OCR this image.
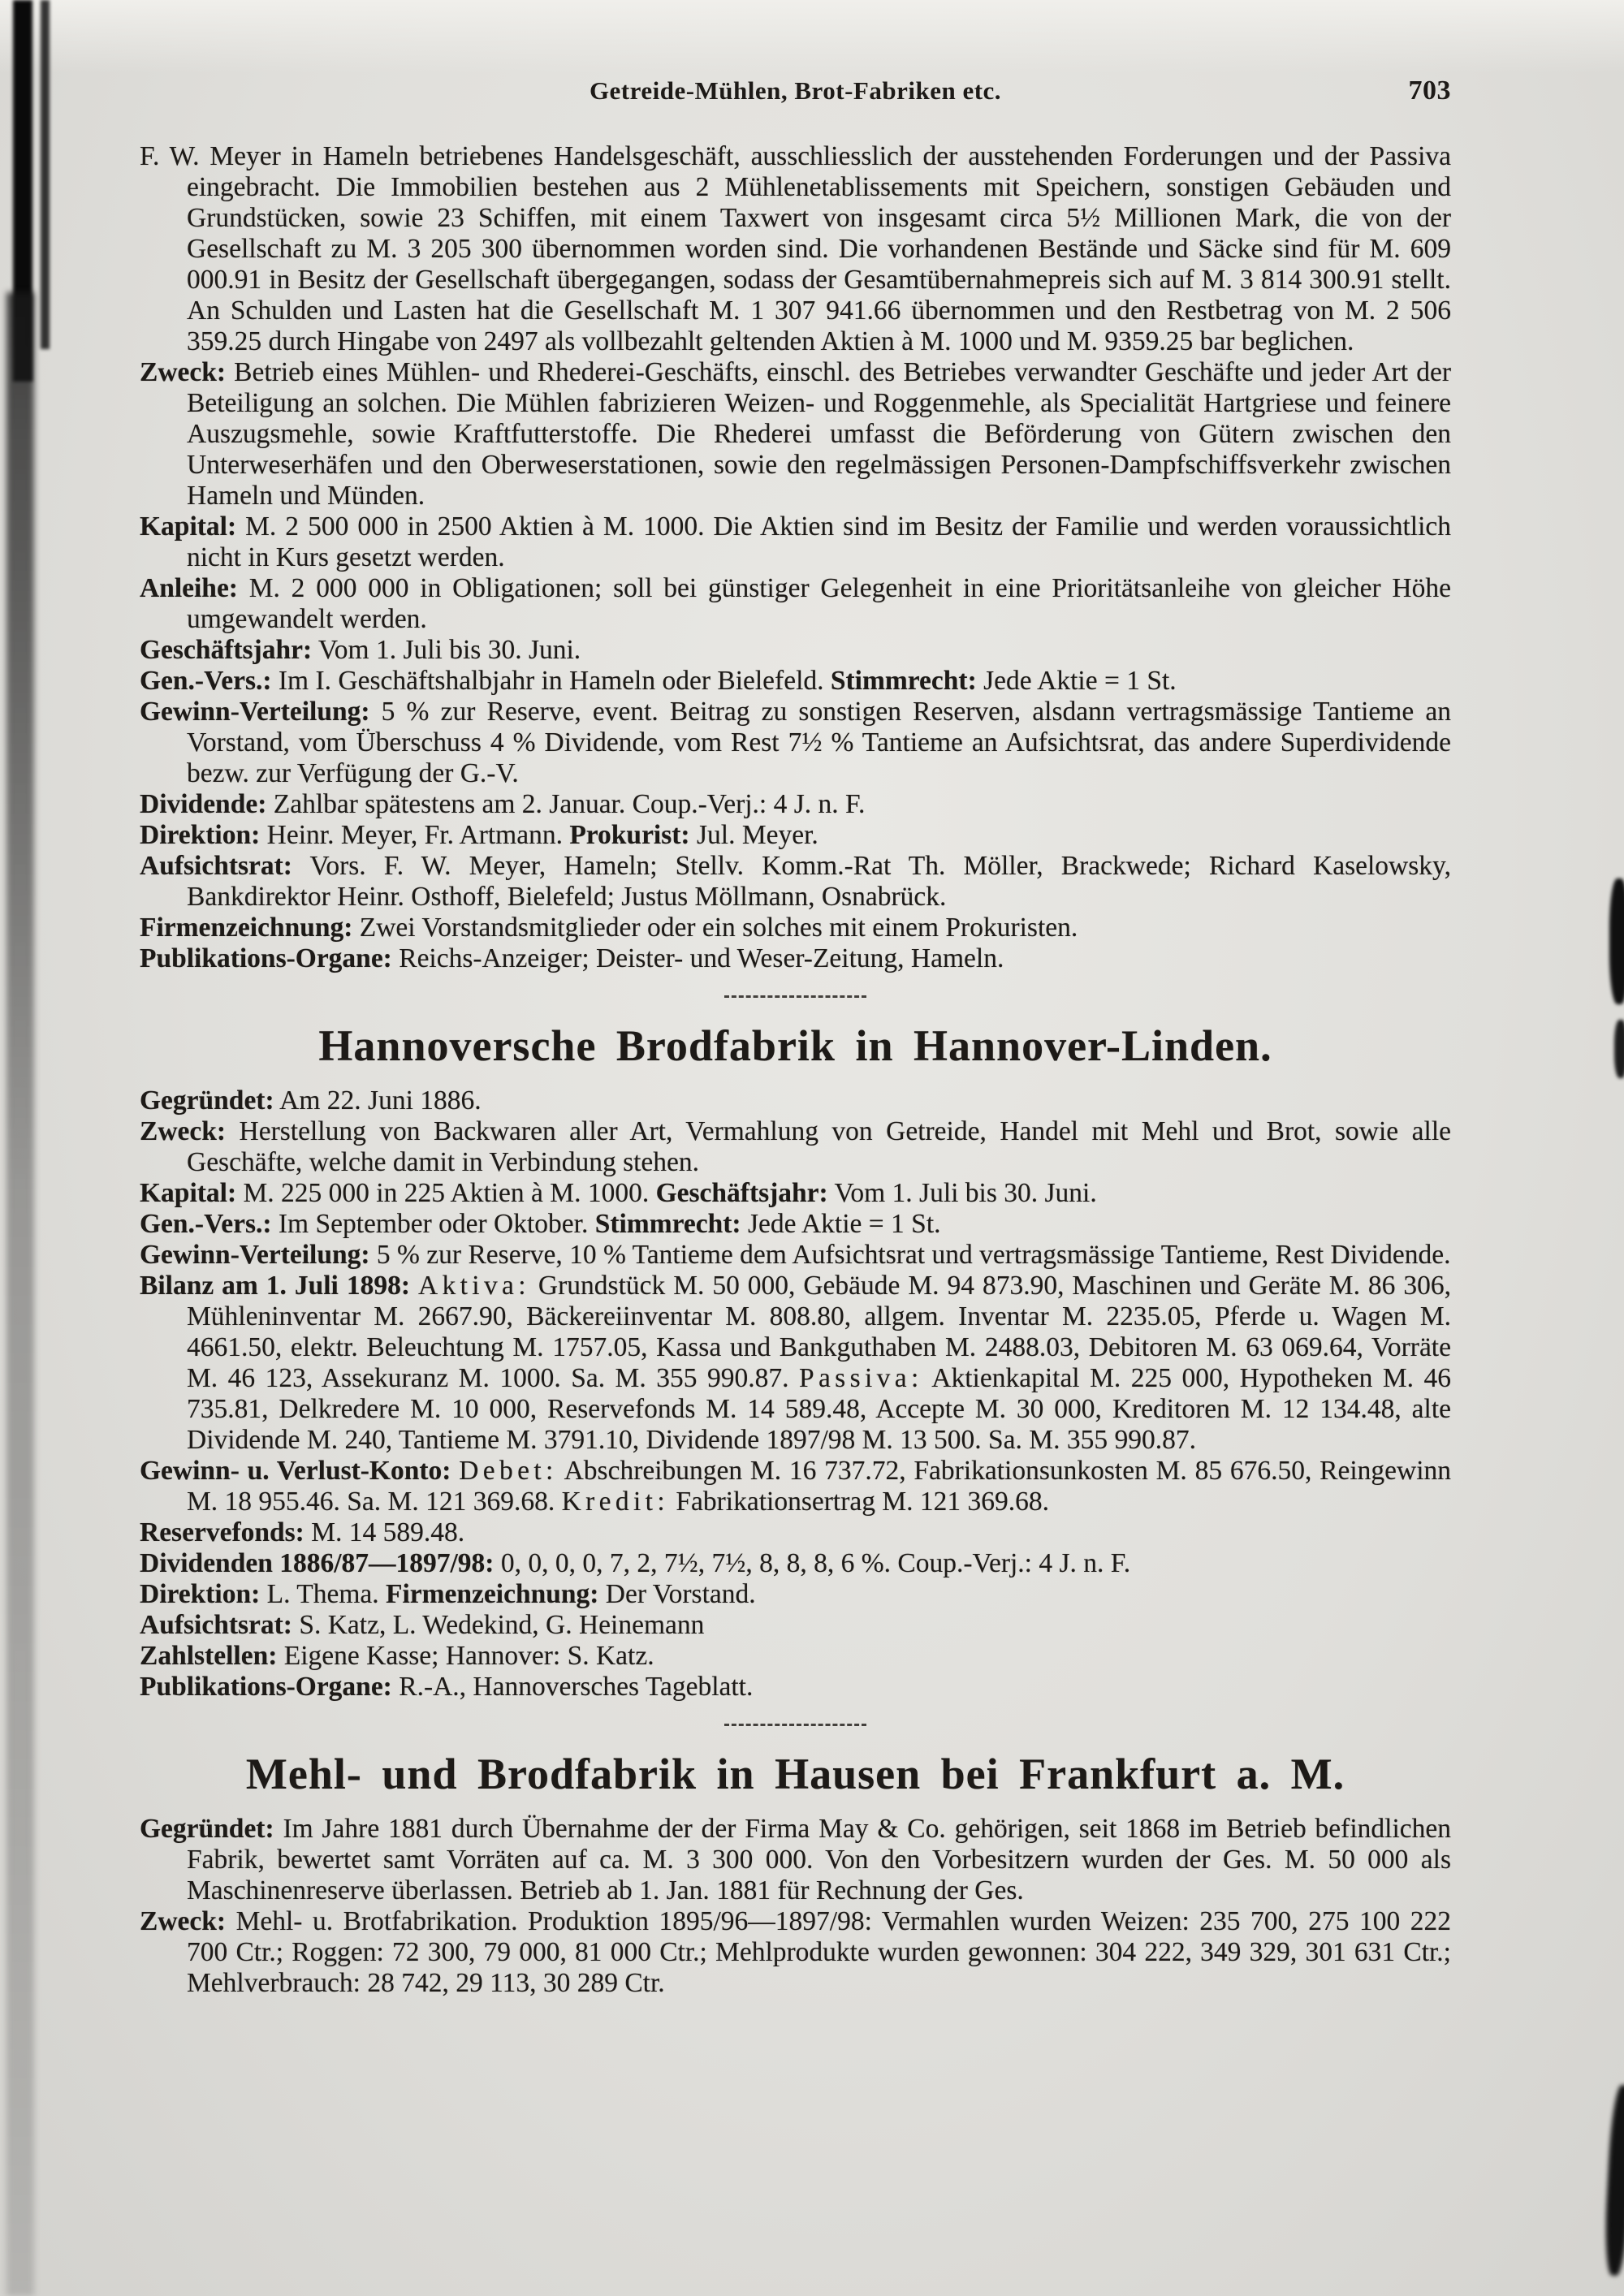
Getreide-Mühlen, Brot-Fabriken etc.	703

F. W. Meyer in Hameln betriebenes Handelsgeschäft, ausschliesslich der ausstehenden Forderungen und der Passiva eingebracht. Die Immobilien bestehen aus 2 Mühlenetablissements mit Speichern, sonstigen Gebäuden und Grundstücken, sowie 23 Schiffen, mit einem Taxwert von insgesamt circa 5½ Millionen Mark, die von der Gesellschaft zu M. 3 205 300 übernommen worden sind. Die vorhandenen Bestände und Säcke sind für M. 609 000.91 in Besitz der Gesellschaft übergegangen, sodass der Gesamtübernahmepreis sich auf M. 3 814 300.91 stellt. An Schulden und Lasten hat die Gesellschaft M. 1 307 941.66 übernommen und den Restbetrag von M. 2 506 359.25 durch Hingabe von 2497 als vollbezahlt geltenden Aktien à M. 1000 und M. 9359.25 bar beglichen.

Zweck: Betrieb eines Mühlen- und Rhederei-Geschäfts, einschl. des Betriebes verwandter Geschäfte und jeder Art der Beteiligung an solchen. Die Mühlen fabrizieren Weizen- und Roggenmehle, als Specialität Hartgriese und feinere Auszugsmehle, sowie Kraftfutterstoffe. Die Rhederei umfasst die Beförderung von Gütern zwischen den Unterweserhäfen und den Oberweserstationen, sowie den regelmässigen Personen-Dampfschiffsverkehr zwischen Hameln und Münden.

Kapital: M. 2 500 000 in 2500 Aktien à M. 1000. Die Aktien sind im Besitz der Familie und werden voraussichtlich nicht in Kurs gesetzt werden.

Anleihe: M. 2 000 000 in Obligationen; soll bei günstiger Gelegenheit in eine Prioritätsanleihe von gleicher Höhe umgewandelt werden.

Geschäftsjahr: Vom 1. Juli bis 30. Juni.

Gen.-Vers.: Im I. Geschäftshalbjahr in Hameln oder Bielefeld. Stimmrecht: Jede Aktie = 1 St.

Gewinn-Verteilung: 5 % zur Reserve, event. Beitrag zu sonstigen Reserven, alsdann vertragsmässige Tantieme an Vorstand, vom Überschuss 4 % Dividende, vom Rest 7½ % Tantieme an Aufsichtsrat, das andere Superdividende bezw. zur Verfügung der G.-V.

Dividende: Zahlbar spätestens am 2. Januar. Coup.-Verj.: 4 J. n. F.

Direktion: Heinr. Meyer, Fr. Artmann. Prokurist: Jul. Meyer.

Aufsichtsrat: Vors. F. W. Meyer, Hameln; Stellv. Komm.-Rat Th. Möller, Brackwede; Richard Kaselowsky, Bankdirektor Heinr. Osthoff, Bielefeld; Justus Möllmann, Osnabrück.

Firmenzeichnung: Zwei Vorstandsmitglieder oder ein solches mit einem Prokuristen.

Publikations-Organe: Reichs-Anzeiger; Deister- und Weser-Zeitung, Hameln.

Hannoversche Brodfabrik in Hannover-Linden.

Gegründet: Am 22. Juni 1886.

Zweck: Herstellung von Backwaren aller Art, Vermahlung von Getreide, Handel mit Mehl und Brot, sowie alle Geschäfte, welche damit in Verbindung stehen.

Kapital: M. 225 000 in 225 Aktien à M. 1000. Geschäftsjahr: Vom 1. Juli bis 30. Juni.

Gen.-Vers.: Im September oder Oktober. Stimmrecht: Jede Aktie = 1 St.

Gewinn-Verteilung: 5 % zur Reserve, 10 % Tantieme dem Aufsichtsrat und vertragsmässige Tantieme, Rest Dividende.

Bilanz am 1. Juli 1898: Aktiva: Grundstück M. 50 000, Gebäude M. 94 873.90, Maschinen und Geräte M. 86 306, Mühleninventar M. 2667.90, Bäckereiinventar M. 808.80, allgem. Inventar M. 2235.05, Pferde u. Wagen M. 4661.50, elektr. Beleuchtung M. 1757.05, Kassa und Bankguthaben M. 2488.03, Debitoren M. 63 069.64, Vorräte M. 46 123, Assekuranz M. 1000. Sa. M. 355 990.87. Passiva: Aktienkapital M. 225 000, Hypotheken M. 46 735.81, Delkredere M. 10 000, Reservefonds M. 14 589.48, Accepte M. 30 000, Kreditoren M. 12 134.48, alte Dividende M. 240, Tantieme M. 3791.10, Dividende 1897/98 M. 13 500. Sa. M. 355 990.87.

Gewinn- u. Verlust-Konto: Debet: Abschreibungen M. 16 737.72, Fabrikationsunkosten M. 85 676.50, Reingewinn M. 18 955.46. Sa. M. 121 369.68. Kredit: Fabrikationsertrag M. 121 369.68.

Reservefonds: M. 14 589.48.

Dividenden 1886/87—1897/98: 0, 0, 0, 0, 7, 2, 7½, 7½, 8, 8, 8, 6 %. Coup.-Verj.: 4 J. n. F.

Direktion: L. Thema. Firmenzeichnung: Der Vorstand.

Aufsichtsrat: S. Katz, L. Wedekind, G. Heinemann

Zahlstellen: Eigene Kasse; Hannover: S. Katz.

Publikations-Organe: R.-A., Hannoversches Tageblatt.

Mehl- und Brodfabrik in Hausen bei Frankfurt a. M.

Gegründet: Im Jahre 1881 durch Übernahme der der Firma May & Co. gehörigen, seit 1868 im Betrieb befindlichen Fabrik, bewertet samt Vorräten auf ca. M. 3 300 000. Von den Vorbesitzern wurden der Ges. M. 50 000 als Maschinenreserve überlassen. Betrieb ab 1. Jan. 1881 für Rechnung der Ges.

Zweck: Mehl- u. Brotfabrikation. Produktion 1895/96—1897/98: Vermahlen wurden Weizen: 235 700, 275 100 222 700 Ctr.; Roggen: 72 300, 79 000, 81 000 Ctr.; Mehlprodukte wurden gewonnen: 304 222, 349 329, 301 631 Ctr.; Mehlverbrauch: 28 742, 29 113, 30 289 Ctr.
